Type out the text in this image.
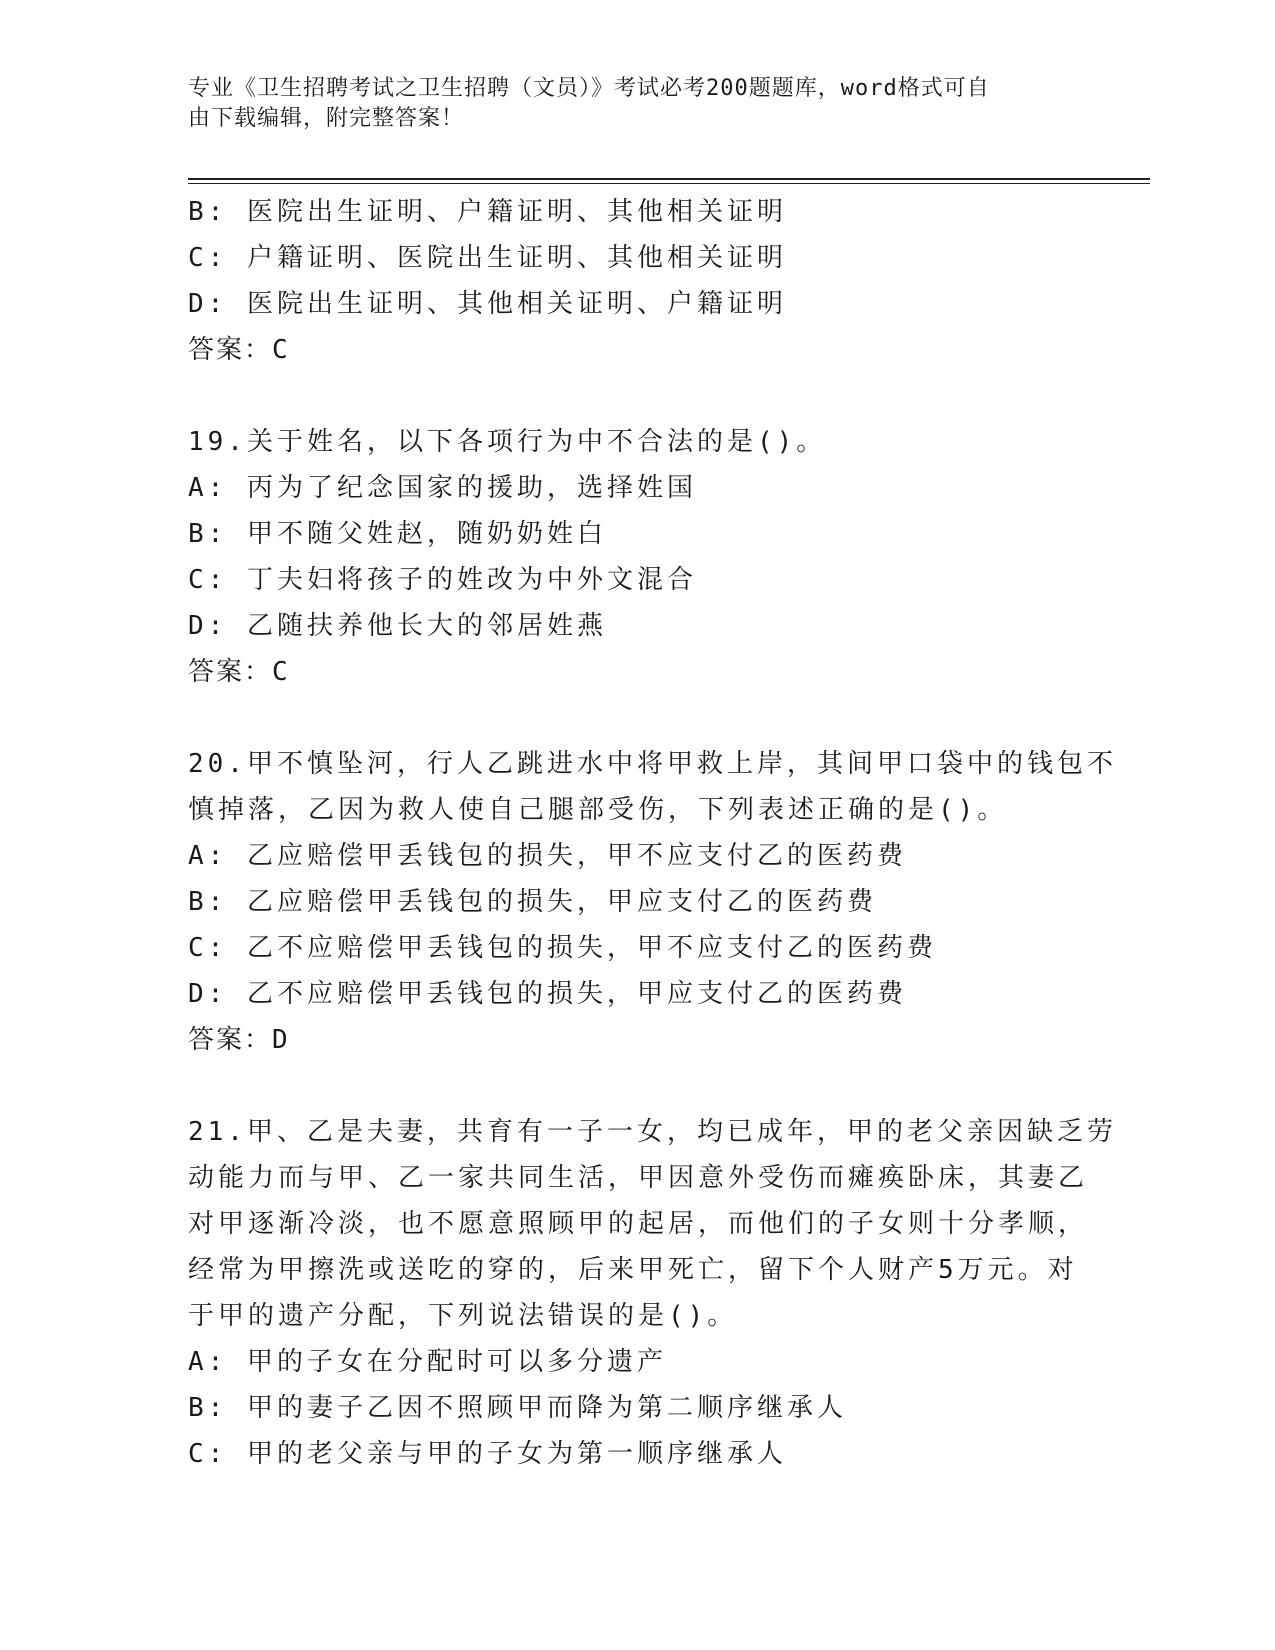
专业《卫生招聘考试之卫生招聘（文员）》考试必考200题题库，word格式可自
由下载编辑，附完整答案！
B: 医院出生证明、户籍证明、其他相关证明
C: 户籍证明、医院出生证明、其他相关证明
D: 医院出生证明、其他相关证明、户籍证明
答案：C
19.关于姓名，以下各项行为中不合法的是()。
A: 丙为了纪念国家的援助，选择姓国
B: 甲不随父姓赵，随奶奶姓白
C: 丁夫妇将孩子的姓改为中外文混合
D: 乙随扶养他长大的邻居姓燕
答案：C
20.甲不慎坠河，行人乙跳进水中将甲救上岸，其间甲口袋中的钱包不
慎掉落，乙因为救人使自己腿部受伤，下列表述正确的是()。
A: 乙应赔偿甲丢钱包的损失，甲不应支付乙的医药费
B: 乙应赔偿甲丢钱包的损失，甲应支付乙的医药费
C: 乙不应赔偿甲丢钱包的损失，甲不应支付乙的医药费
D: 乙不应赔偿甲丢钱包的损失，甲应支付乙的医药费
答案：D
21.甲、乙是夫妻，共育有一子一女，均已成年，甲的老父亲因缺乏劳
动能力而与甲、乙一家共同生活，甲因意外受伤而瘫痪卧床，其妻乙
对甲逐渐冷淡，也不愿意照顾甲的起居，而他们的子女则十分孝顺，
经常为甲擦洗或送吃的穿的，后来甲死亡，留下个人财产5万元。对
于甲的遗产分配，下列说法错误的是()。
A: 甲的子女在分配时可以多分遗产
B: 甲的妻子乙因不照顾甲而降为第二顺序继承人
C: 甲的老父亲与甲的子女为第一顺序继承人
